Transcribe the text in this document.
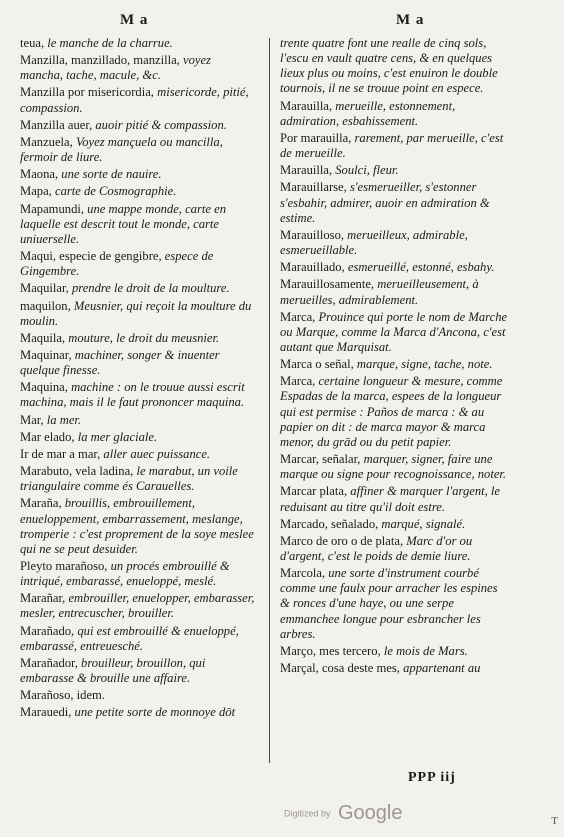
M a	M a
teua, le manche de la charrue.
Manzilla, manzillado, manzilla, voyez mancha, tache, macule, &c.
Manzilla por misericordia, misericorde, pitié, compassion.
Manzilla auer, auoir pitié & compassion.
Manzuela, Voyez mançuela ou mancilla, fermoir de liure.
Maona, une sorte de nauire.
Mapa, carte de Cosmographie.
Mapamundi, une mappe monde, carte en laquelle est descrit tout le monde, carte uniuerselle.
Maqui, especie de gengibre, espece de Gingembre.
Maquilar, prendre le droit de la moulture.
maquilon, Meusnier, qui reçoit la moulture du moulin.
Maquila, mouture, le droit du meusnier.
Maquinar, machiner, songer & inuenter quelque finesse.
Maquina, machine : on le trouue aussi escrit machina, mais il le faut prononcer maquina.
Mar, la mer.
Mar elado, la mer glaciale.
Ir de mar a mar, aller auec puissance.
Marabuto, vela ladina, le marabut, un voile triangulaire comme és Carauelles.
Maraña, brouillis, embrouillement, enueloppement, embarrassement, meslange, tromperie : c'est proprement de la soye meslee qui ne se peut desuider.
Pleyto marañoso, un procés embrouillé & intriqué, embarassé, enueloppé, meslé.
Marañar, embrouiller, enuelopper, embarasser, mesler, entrecuscher, brouiller.
Marañado, qui est embrouillé & enueloppé, embarassé, entreuesché.
Marañador, brouilleur, brouillon, qui embarasse & brouille une affaire.
Marañoso, idem.
Marauedi, une petite sorte de monnoye dōt
trente quatre font une realle de cinq sols, l'escu en vault quatre cens, & en quelques lieux plus ou moins, c'est enuiron le double tournois, il ne se trouue point en espece.
Marauilla, merueille, estonnement, admiration, esbahissement.
Por marauilla, rarement, par merueille, c'est de merueille.
Marauilla, Soulci, fleur.
Marauillarse, s'esmerueiller, s'estonner s'esbahir, admirer, auoir en admiration & estime.
Marauilloso, merueilleux, admirable, esmerueillable.
Marauillado, esmerueillé, estonné, esbahy.
Marauillosamente, merueilleusement, à merueilles, admirablement.
Marca, Prouince qui porte le nom de Marche ou Marque, comme la Marca d'Ancona, c'est autant que Marquisat.
Marca o señal, marque, signe, tache, note.
Marca, certaine longueur & mesure, comme Espadas de la marca, espees de la longueur qui est permise : Paños de marca : & au papier on dit : de marca mayor & marca menor, du grād ou du petit papier.
Marcar, señalar, marquer, signer, faire une marque ou signe pour recognoissance, noter.
Marcar plata, affiner & marquer l'argent, le reduisant au titre qu'il doit estre.
Marcado, señalado, marqué, signalé.
Marco de oro o de plata, Marc d'or ou d'argent, c'est le poids de demie liure.
Marcola, une sorte d'instrument courbé comme une faulx pour arracher les espines & ronces d'une haye, ou une serpe emmanchee longue pour esbrancher les arbres.
Março, mes tercero, le mois de Mars.
Marçal, cosa deste mes, appartenant au
PPP iij
Digitized by Google	T
